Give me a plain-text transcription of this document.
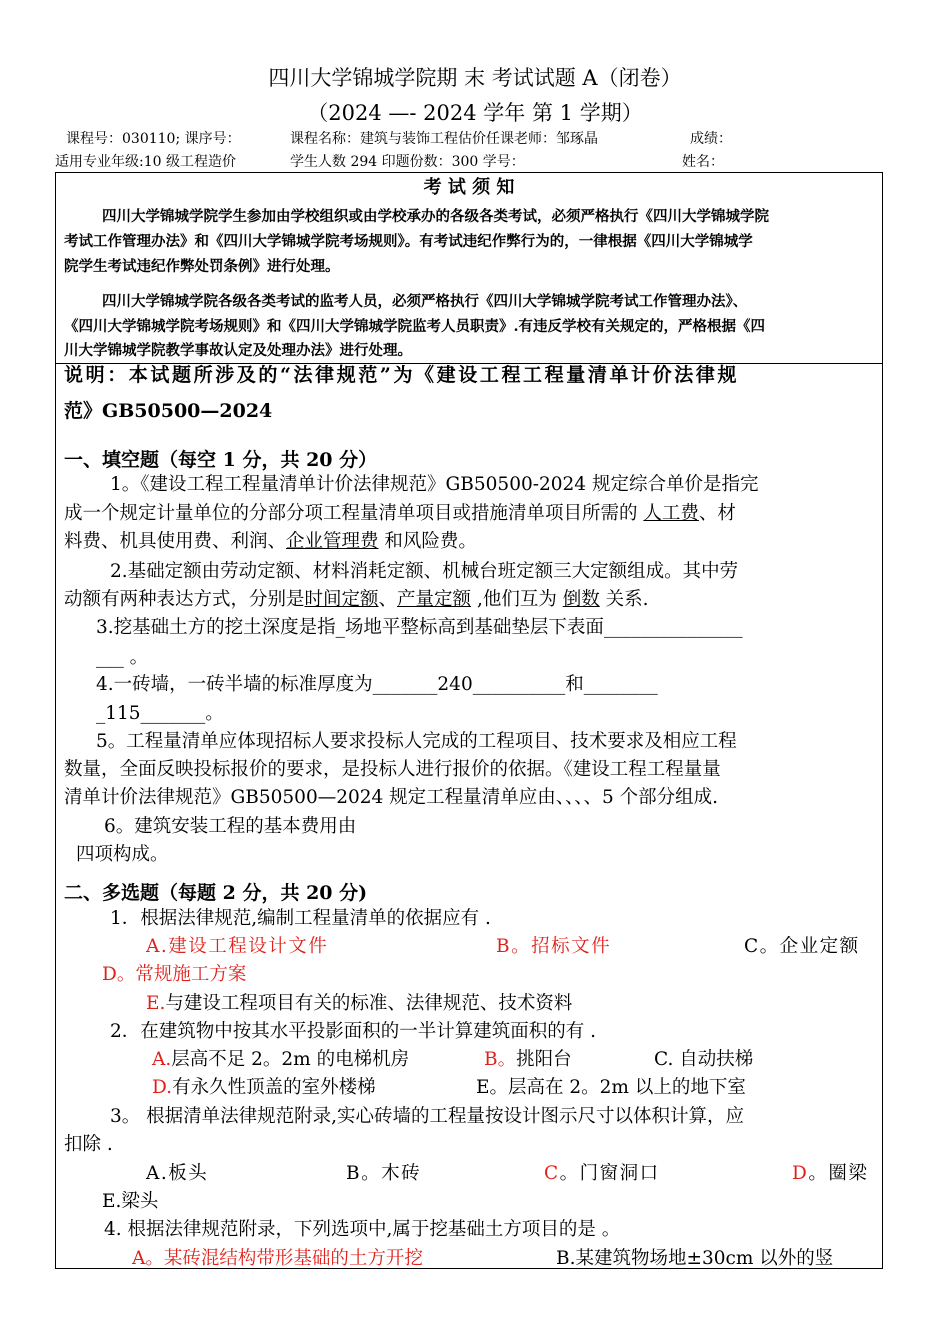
四川大学锦城学院期 末 考试试题 A（闭卷）
（2024 —- 2024 学年 第 1 学期）
课程号：030110; 课序号：	课程名称：建筑与装饰工程估价任课老师：邹琢晶	成绩：
适用专业年级:10 级工程造价	学生人数 294 印题份数：300 学号：	姓名：
考 试 须 知
四川大学锦城学院学生参加由学校组织或由学校承办的各级各类考试，必须严格执行《四川大学锦城学院
考试工作管理办法》和《四川大学锦城学院考场规则》。有考试违纪作弊行为的，一律根据《四川大学锦城学
院学生考试违纪作弊处罚条例》进行处理。
四川大学锦城学院各级各类考试的监考人员，必须严格执行《四川大学锦城学院考试工作管理办法》、
《四川大学锦城学院考场规则》和《四川大学锦城学院监考人员职责》.有违反学校有关规定的，严格根据《四
川大学锦城学院教学事故认定及处理办法》进行处理。
说明：本试题所涉及的“法律规范”为《建设工程工程量清单计价法律规
范》GB50500—2024
一、填空题（每空 1 分，共 20 分）
1。《建设工程工程量清单计价法律规范》GB50500-2024 规定综合单价是指完
成一个规定计量单位的分部分项工程量清单项目或措施清单项目所需的 人工费、材
料费、机具使用费、利润、企业管理费 和风险费。
2.基础定额由劳动定额、材料消耗定额、机械台班定额三大定额组成。其中劳
动额有两种表达方式，分别是时间定额、产量定额 ,他们互为 倒数 关系.
3.挖基础土方的挖土深度是指_场地平整标高到基础垫层下表面_______________
___ 。
4.一砖墙，一砖半墙的标准厚度为_______240__________和________
_115_______。
5。工程量清单应体现招标人要求投标人完成的工程项目、技术要求及相应工程
数量，全面反映投标报价的要求，是投标人进行报价的依据。《建设工程工程量量
清单计价法律规范》GB50500—2024 规定工程量清单应由、、、、5 个部分组成.
6。建筑安装工程的基本费用由
四项构成。
二、多选题（每题 2 分，共 20 分)
1．根据法律规范,编制工程量清单的依据应有 .
A.建设工程设计文件	B。招标文件	C。企业定额
D。常规施工方案
E.与建设工程项目有关的标准、法律规范、技术资料
2．在建筑物中按其水平投影面积的一半计算建筑面积的有 .
A.层高不足 2。2m 的电梯机房	B。挑阳台	C. 自动扶梯
D.有永久性顶盖的室外楼梯	E。层高在 2。2m 以上的地下室
3。 根据清单法律规范附录,实心砖墙的工程量按设计图示尺寸以体积计算，应
扣除 .
A.板头	B。木砖	C。门窗洞口	D。圈梁
E.梁头
4. 根据法律规范附录，下列选项中,属于挖基础土方项目的是 。
A。某砖混结构带形基础的土方开挖	B.某建筑物场地±30cm 以外的竖
